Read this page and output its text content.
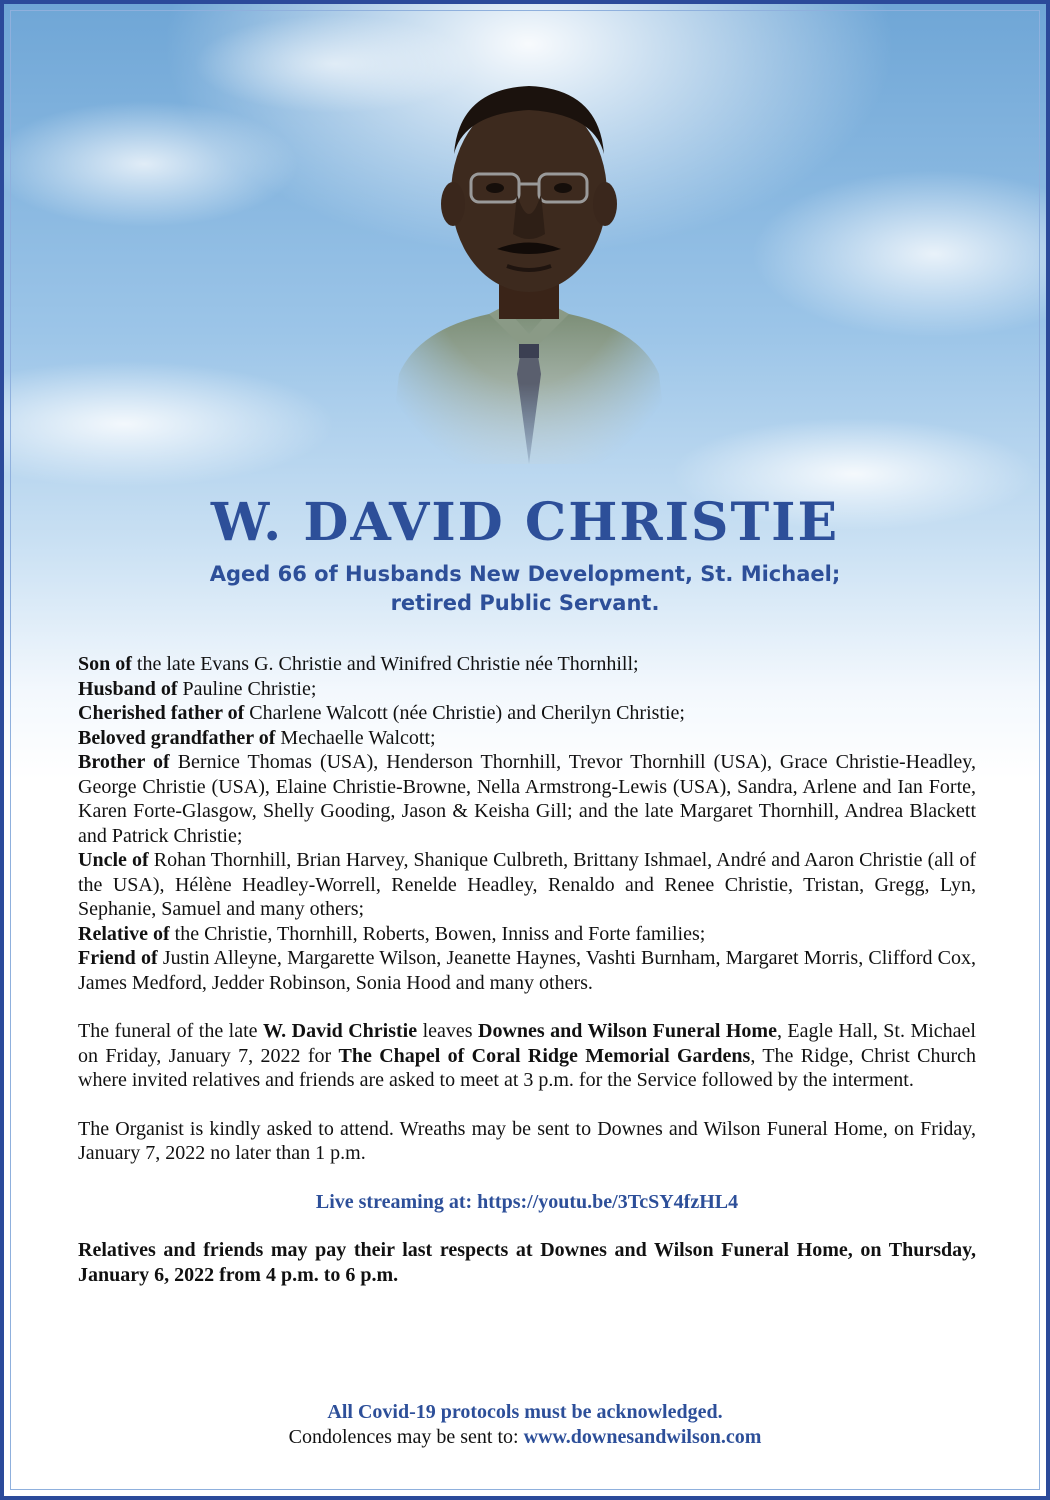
W. DAVID CHRISTIE
Aged 66 of Husbands New Development, St. Michael;
retired Public Servant.

Son of the late Evans G. Christie and Winifred Christie née Thornhill;

Husband of Pauline Christie;

Cherished father of Charlene Walcott (née Christie) and Cherilyn Christie;

Beloved grandfather of Mechaelle Walcott;

Brother of Bernice Thomas (USA), Henderson Thornhill, Trevor Thornhill (USA), Grace Christie-Headley, George Christie (USA), Elaine Christie-Browne, Nella Armstrong-Lewis (USA), Sandra, Arlene and Ian Forte, Karen Forte-Glasgow, Shelly Gooding, Jason & Keisha Gill; and the late Margaret Thornhill, Andrea Blackett and Patrick Christie;

Uncle of Rohan Thornhill, Brian Harvey, Shanique Culbreth, Brittany Ishmael, André and Aaron Christie (all of the USA), Hélène Headley-Worrell, Renelde Headley, Renaldo and Renee Christie, Tristan, Gregg, Lyn, Sephanie, Samuel and many others;

Relative of the Christie, Thornhill, Roberts, Bowen, Inniss and Forte families;

Friend of Justin Alleyne, Margarette Wilson, Jeanette Haynes, Vashti Burnham, Margaret Morris, Clifford Cox, James Medford, Jedder Robinson, Sonia Hood and many others.

The funeral of the late W. David Christie leaves Downes and Wilson Funeral Home, Eagle Hall, St. Michael on Friday, January 7, 2022 for The Chapel of Coral Ridge Memorial Gardens, The Ridge, Christ Church where invited relatives and friends are asked to meet at 3 p.m. for the Service followed by the interment.

The Organist is kindly asked to attend. Wreaths may be sent to Downes and Wilson Funeral Home, on Friday, January 7, 2022 no later than 1 p.m.

Live streaming at: https://youtu.be/3TcSY4fzHL4

Relatives and friends may pay their last respects at Downes and Wilson Funeral Home, on Thursday, January 6, 2022 from 4 p.m. to 6 p.m.

All Covid-19 protocols must be acknowledged.
Condolences may be sent to: www.downesandwilson.com
